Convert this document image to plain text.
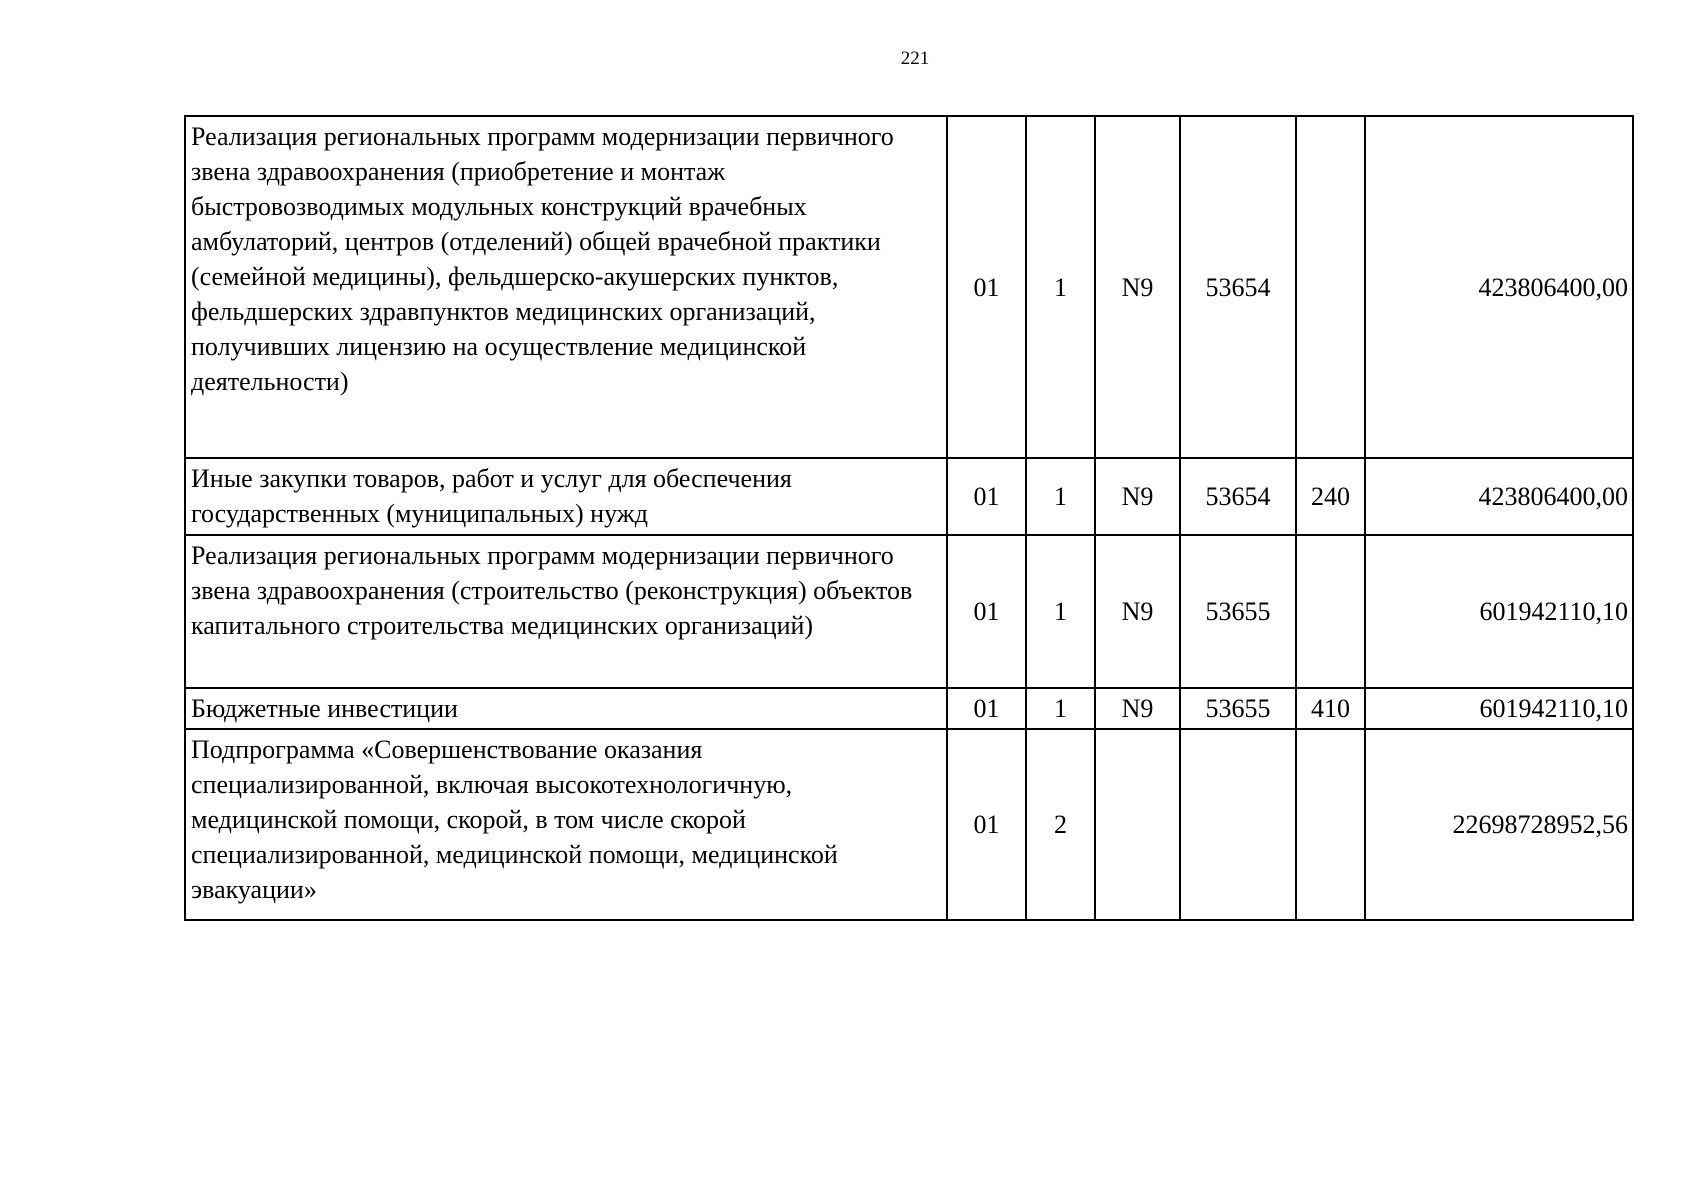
221
Реализация региональных программ модернизации первичного звена здравоохранения (приобретение и монтаж быстровозводимых модульных конструкций врачебных амбулаторий, центров (отделений) общей врачебной практики (семейной медицины), фельдшерско-акушерских пунктов, фельдшерских здравпунктов медицинских организаций, получивших лицензию на осуществление медицинской деятельности)	01	1	N9	53654		423806400,00
Иные закупки товаров, работ и услуг для обеспечения государственных (муниципальных) нужд	01	1	N9	53654	240	423806400,00
Реализация региональных программ модернизации первичного звена здравоохранения (строительство (реконструкция) объектов капитального строительства медицинских организаций)	01	1	N9	53655		601942110,10
Бюджетные инвестиции	01	1	N9	53655	410	601942110,10
Подпрограмма «Совершенствование оказания специализированной, включая высокотехнологичную, медицинской помощи, скорой, в том числе скорой специализированной, медицинской помощи, медицинской эвакуации»	01	2				22698728952,56
